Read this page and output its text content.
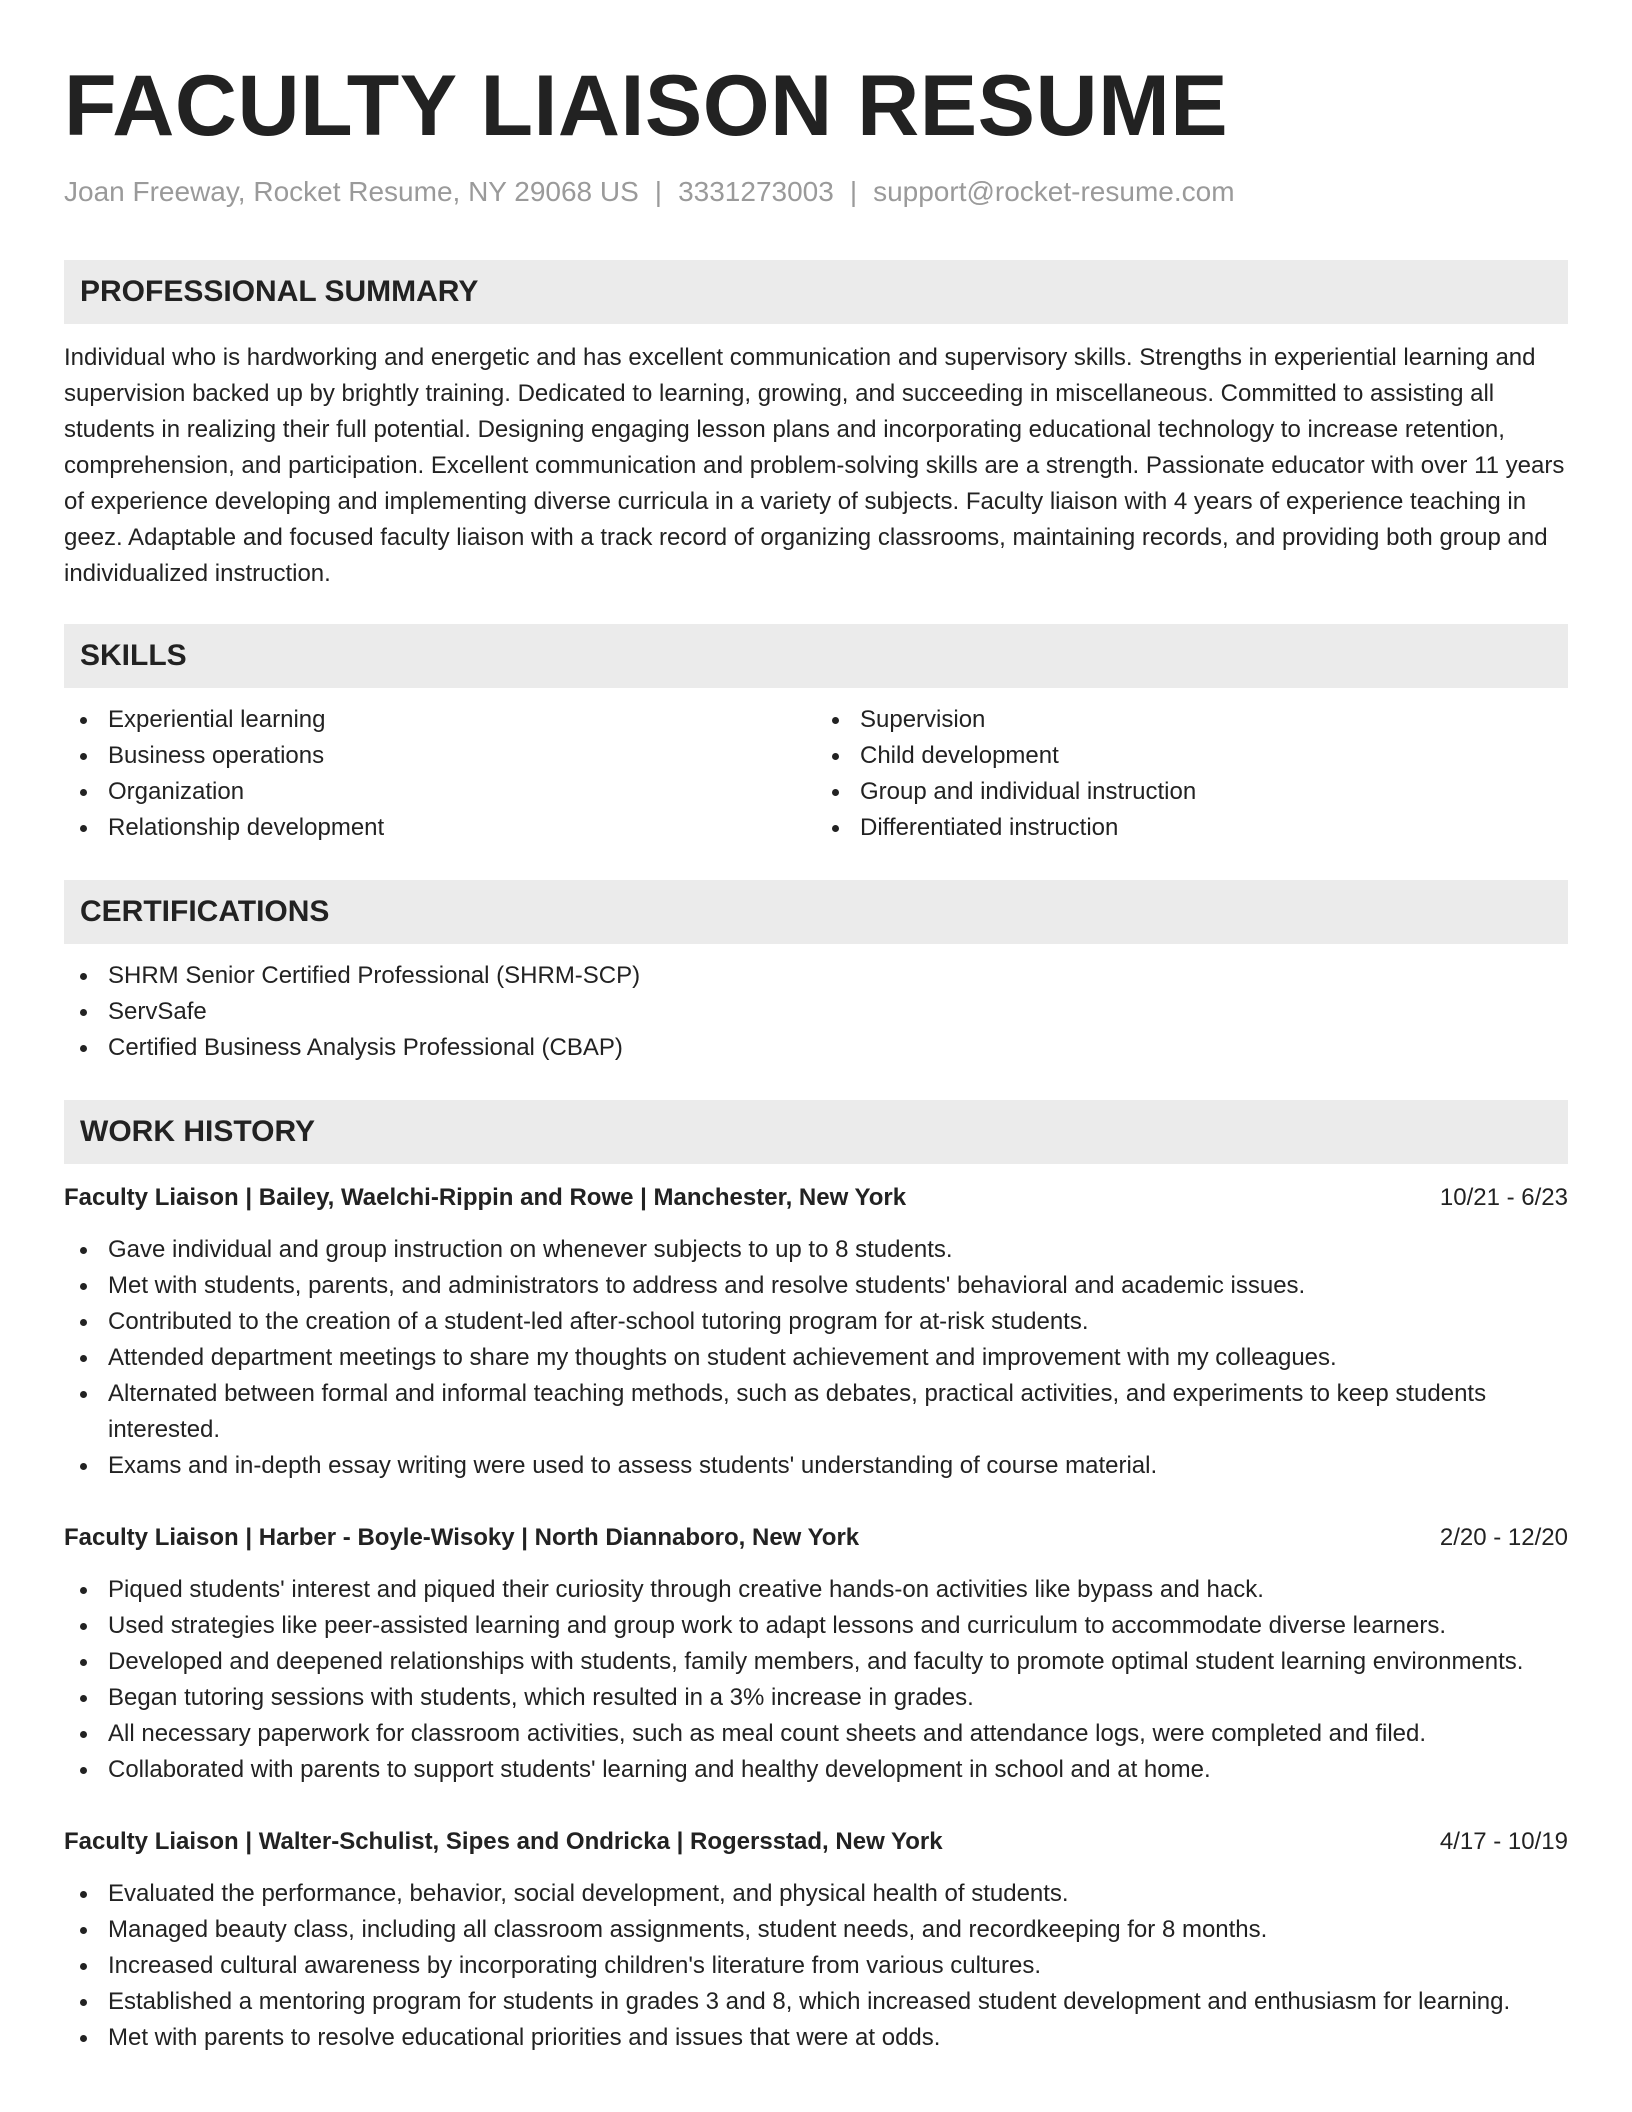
FACULTY LIAISON RESUME
Joan Freeway, Rocket Resume, NY 29068 US | 3331273003 | support@rocket-resume.com
PROFESSIONAL SUMMARY

Individual who is hardworking and energetic and has excellent communication and supervisory skills. Strengths in experiential learning and supervision backed up by brightly training. Dedicated to learning, growing, and succeeding in miscellaneous. Committed to assisting all students in realizing their full potential. Designing engaging lesson plans and incorporating educational technology to increase retention, comprehension, and participation. Excellent communication and problem-solving skills are a strength. Passionate educator with over 11 years of experience developing and implementing diverse curricula in a variety of subjects. Faculty liaison with 4 years of experience teaching in geez. Adaptable and focused faculty liaison with a track record of organizing classrooms, maintaining records, and providing both group and individualized instruction.

SKILLS
Experiential learning
Business operations
Organization
Relationship development
Supervision
Child development
Group and individual instruction
Differentiated instruction
CERTIFICATIONS
SHRM Senior Certified Professional (SHRM-SCP)
ServSafe
Certified Business Analysis Professional (CBAP)
WORK HISTORY
Faculty Liaison | Bailey, Waelchi-Rippin and Rowe | Manchester, New York	10/21 - 6/23
Gave individual and group instruction on whenever subjects to up to 8 students.
Met with students, parents, and administrators to address and resolve students' behavioral and academic issues.
Contributed to the creation of a student-led after-school tutoring program for at-risk students.
Attended department meetings to share my thoughts on student achievement and improvement with my colleagues.
Alternated between formal and informal teaching methods, such as debates, practical activities, and experiments to keep students interested.
Exams and in-depth essay writing were used to assess students' understanding of course material.
Faculty Liaison | Harber - Boyle-Wisoky | North Diannaboro, New York	2/20 - 12/20
Piqued students' interest and piqued their curiosity through creative hands-on activities like bypass and hack.
Used strategies like peer-assisted learning and group work to adapt lessons and curriculum to accommodate diverse learners.
Developed and deepened relationships with students, family members, and faculty to promote optimal student learning environments.
Began tutoring sessions with students, which resulted in a 3% increase in grades.
All necessary paperwork for classroom activities, such as meal count sheets and attendance logs, were completed and filed.
Collaborated with parents to support students' learning and healthy development in school and at home.
Faculty Liaison | Walter-Schulist, Sipes and Ondricka | Rogersstad, New York	4/17 - 10/19
Evaluated the performance, behavior, social development, and physical health of students.
Managed beauty class, including all classroom assignments, student needs, and recordkeeping for 8 months.
Increased cultural awareness by incorporating children's literature from various cultures.
Established a mentoring program for students in grades 3 and 8, which increased student development and enthusiasm for learning.
Met with parents to resolve educational priorities and issues that were at odds.
